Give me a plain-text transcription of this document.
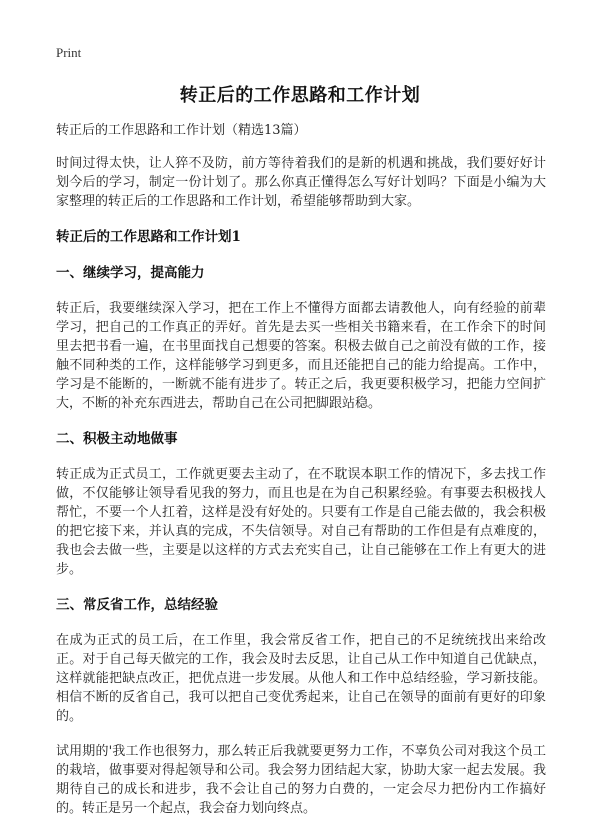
Print
转正后的工作思路和工作计划

转正后的工作思路和工作计划（精选13篇）

时间过得太快，让人猝不及防，前方等待着我们的是新的机遇和挑战，我们要好好计划今后的学习，制定一份计划了。那么你真正懂得怎么写好计划吗？下面是小编为大家整理的转正后的工作思路和工作计划，希望能够帮助到大家。

转正后的工作思路和工作计划1
一、继续学习，提高能力

转正后，我要继续深入学习，把在工作上不懂得方面都去请教他人，向有经验的前辈学习，把自己的工作真正的弄好。首先是去买一些相关书籍来看，在工作余下的时间里去把书看一遍，在书里面找自己想要的答案。积极去做自己之前没有做的工作，接触不同种类的工作，这样能够学习到更多，而且还能把自己的能力给提高。工作中，学习是不能断的，一断就不能有进步了。转正之后，我更要积极学习，把能力空间扩大，不断的补充东西进去，帮助自己在公司把脚跟站稳。

二、积极主动地做事

转正成为正式员工，工作就更要去主动了，在不耽误本职工作的情况下，多去找工作做，不仅能够让领导看见我的努力，而且也是在为自己积累经验。有事要去积极找人帮忙，不要一个人扛着，这样是没有好处的。只要有工作是自己能去做的，我会积极的把它接下来，并认真的完成，不失信领导。对自己有帮助的工作但是有点难度的，我也会去做一些，主要是以这样的方式去充实自己，让自己能够在工作上有更大的进步。

三、常反省工作，总结经验

在成为正式的员工后，在工作里，我会常反省工作，把自己的不足统统找出来给改正。对于自己每天做完的工作，我会及时去反思，让自己从工作中知道自己优缺点，这样就能把缺点改正，把优点进一步发展。从他人和工作中总结经验，学习新技能。相信不断的反省自己，我可以把自己变优秀起来，让自己在领导的面前有更好的印象的。

试用期的'我工作也很努力，那么转正后我就要更努力工作，不辜负公司对我这个员工的栽培，做事要对得起领导和公司。我会努力团结起大家，协助大家一起去发展。我期待自己的成长和进步，我不会让自己的努力白费的，一定会尽力把份内工作搞好的。转正是另一个起点，我会奋力划向终点。
